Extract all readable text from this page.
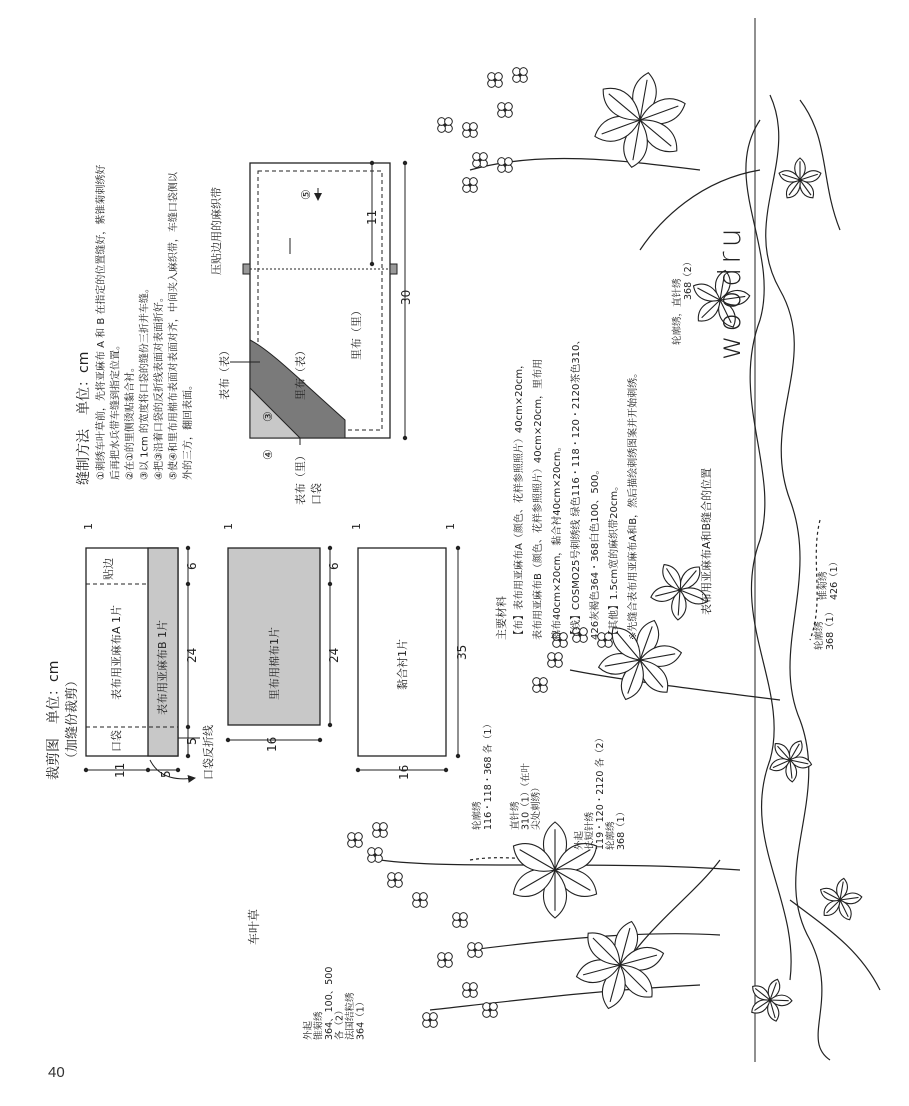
裁剪图　单位：cm （加缝份裁剪）	口袋反折线
表布用亚麻布A 1片
口袋
贴边
表布用亚麻布B 1片	里布用棉布1片	黏合衬1片
11	5
24
6
5	16
24
6
16
35
1	1	1	1
缝制方法　单位：cm	表布（表）	里布（表）
里布（里）
表布（里） 口袋
压贴边用的麻织带
③
④
⑤
11
30
主要材料
表布用亚麻布A和B缝合的位置
车叶草
①刺绣车叶草前，先将亚麻布 A 和 B 在指定的位置缝好，紫锥菊刺绣好 后再把水兵带车缝到指定位置。 ②在①的里侧烫贴黏合衬。 ③以 1cm 的宽度将口袋的缝份三折并车缝。 ④把③沿着口袋的反折线表面对表面折好。 ⑤使④和里布用棉布表面对表面对齐，中间夹入麻织带，车缝口袋侧以 外的三方，翻回表面。	【布】表布用亚麻布A（颜色、花样参照照片）40cm×20cm， 表布用亚麻布B（颜色、花样参照照片）40cm×20cm，里布用 棉布40cm×20cm，黏合衬40cm×20cm。 【线】COSMO25号刺绣线 绿色116・118・120・2120茶色310、 426灰褐色364・368白色100、500。 【其他】1.5cm宽的麻织带20cm。 ※先缝合表布用亚麻布A和B，然后描绘刺绣图案并开始刺绣。
外起 锥菊绣 364、100、500 各（2） 法国结粒绣 364（1）
外起 长短针绣 119・120・2120 各（2） 轮廓绣 368（1）
直针绣 310（1）（在叶 尖处刺绣）
轮廓绣 116・118・368 各（1）
轮廓绣，直针绣
368（2）
锥菊绣 426（1）
轮廓绣 368（1）
woodru
40
